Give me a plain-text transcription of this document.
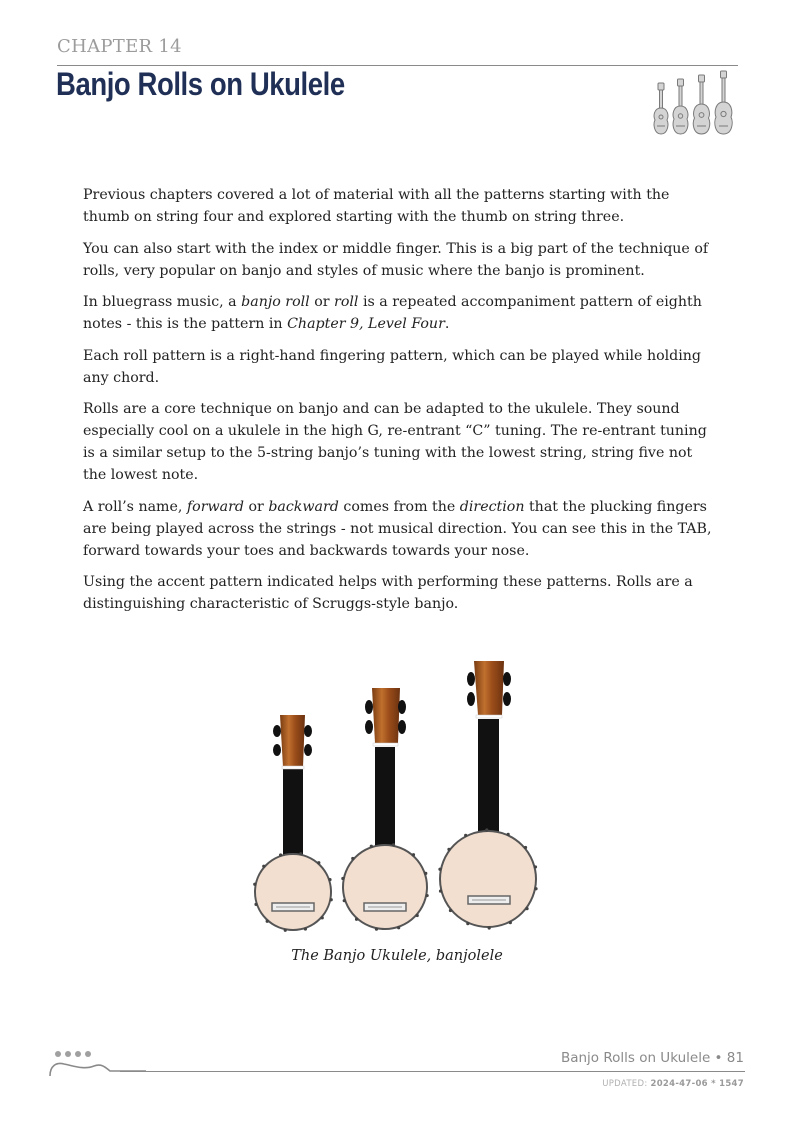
CHAPTER 14
Banjo Rolls on Ukulele

Previous chapters covered a lot of material with all the patterns starting with the thumb on string four and explored starting with the thumb on string three.

You can also start with the index or middle finger. This is a big part of the technique of rolls, very popular on banjo and styles of music where the banjo is prominent.

In bluegrass music, a banjo roll or roll is a repeated accompaniment pattern of eighth notes - this is the pattern in Chapter 9, Level Four.

Each roll pattern is a right-hand fingering pattern, which can be played while holding any chord.

Rolls are a core technique on banjo and can be adapted to the ukulele. They sound especially cool on a ukulele in the high G, re-entrant “C” tuning. The re-entrant tuning is a similar setup to the 5-string banjo’s tuning with the lowest string, string five not the lowest note.

A roll’s name, forward or backward comes from the direction that the plucking fingers are being played across the strings - not musical direction. You can see this in the TAB, forward towards your toes and backwards towards your nose.

Using the accent pattern indicated helps with performing these patterns. Rolls are a distinguishing characteristic of Scruggs-style banjo.

The Banjo Ukulele, banjolele
Banjo Rolls on Ukulele • 81
UPDATED: 2024-47-06 * 1547
